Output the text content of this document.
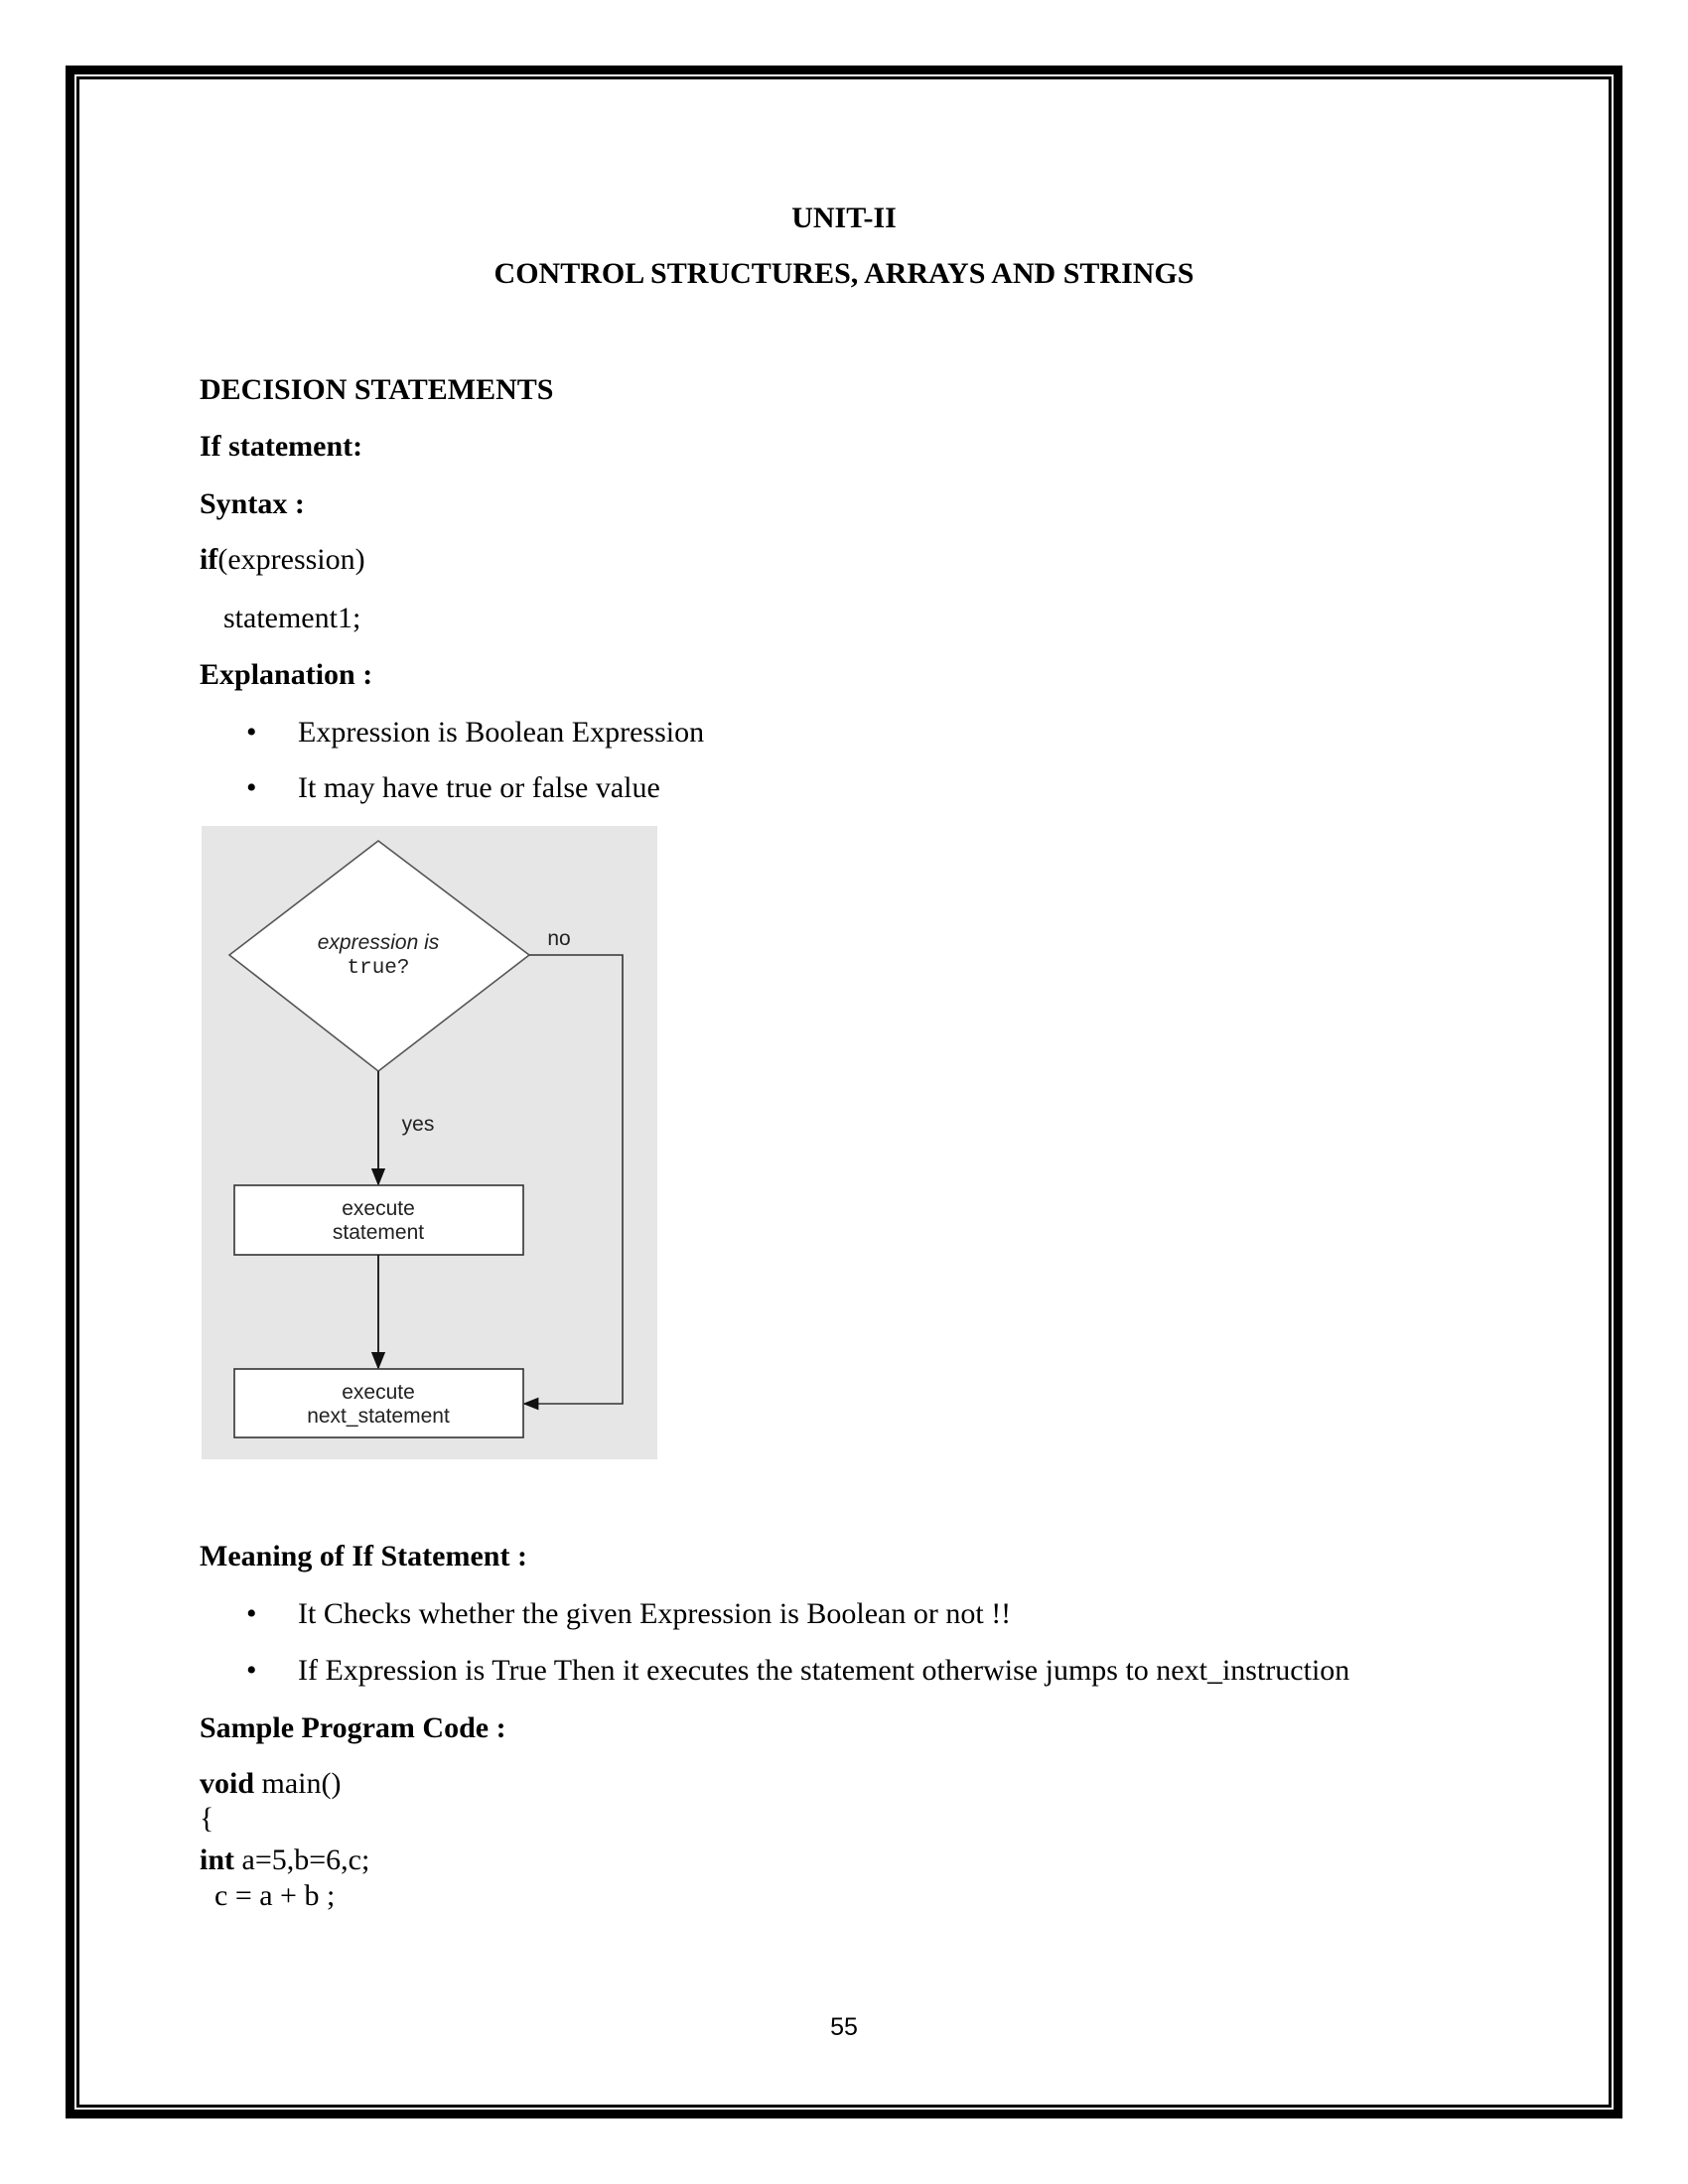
UNIT-II
CONTROL STRUCTURES, ARRAYS AND STRINGS
DECISION STATEMENTS
If statement:
Syntax :
if(expression)
statement1;
Explanation :
• Expression is Boolean Expression
• It may have true or false value
expression is
true?
no
yes
execute
statement
execute
next_statement
Meaning of If Statement :
• It Checks whether the given Expression is Boolean or not !!
• If Expression is True Then it executes the statement otherwise jumps to next_instruction
Sample Program Code :
void main()
{
int a=5,b=6,c;
c = a + b ;
55
